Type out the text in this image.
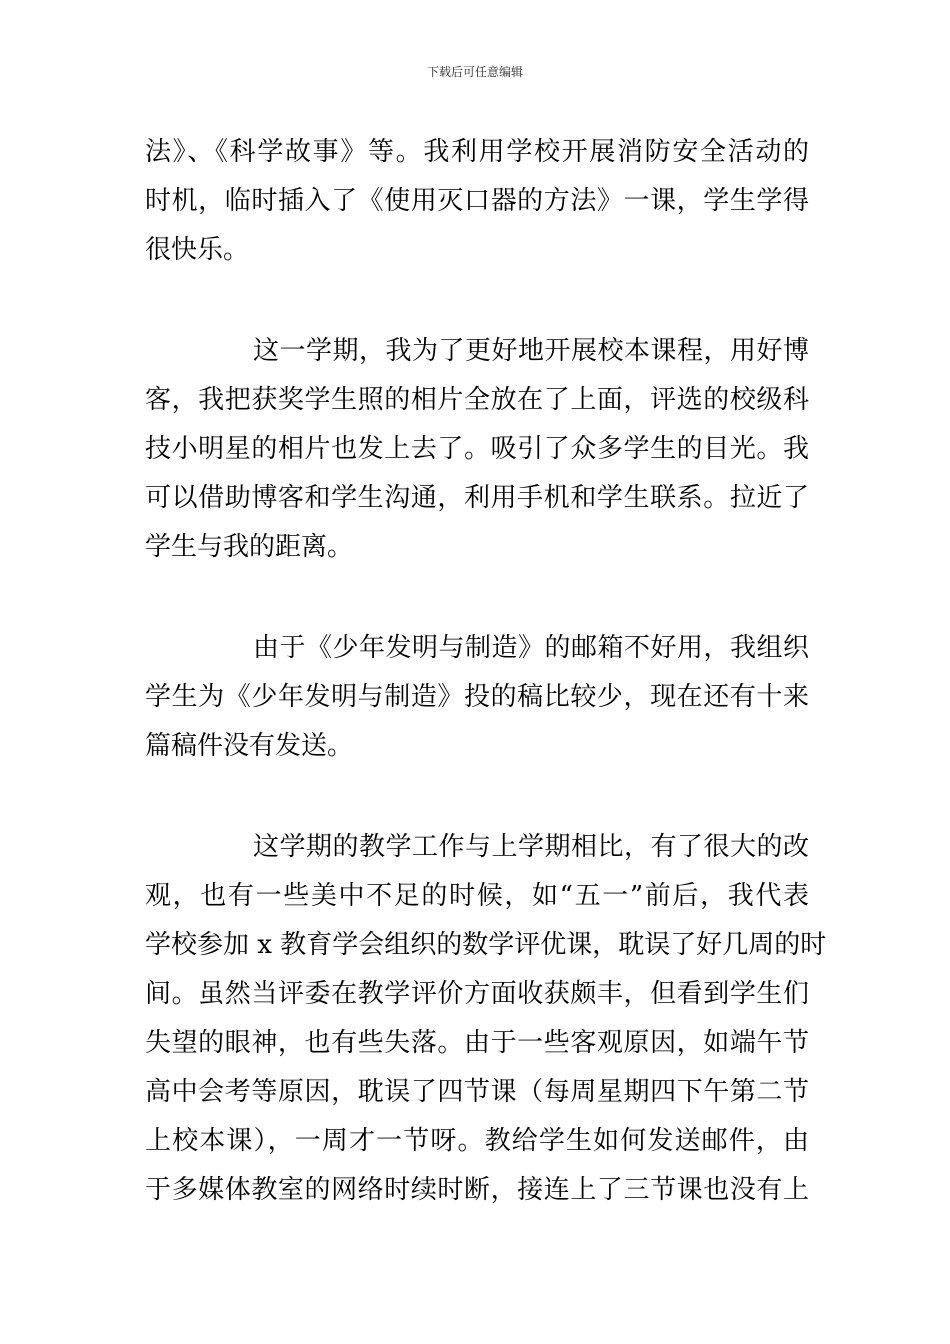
下载后可任意编辑
法》、《科学故事》等。我利用学校开展消防安全活动的
时机，临时插入了《使用灭口器的方法》一课，学生学得
很快乐。
这一学期，我为了更好地开展校本课程，用好博
客，我把获奖学生照的相片全放在了上面，评选的校级科
技小明星的相片也发上去了。吸引了众多学生的目光。我
可以借助博客和学生沟通，利用手机和学生联系。拉近了
学生与我的距离。
由于《少年发明与制造》的邮箱不好用，我组织
学生为《少年发明与制造》投的稿比较少，现在还有十来
篇稿件没有发送。
这学期的教学工作与上学期相比，有了很大的改
观，也有一些美中不足的时候，如“五一”前后，我代表
学校参加 x 教育学会组织的数学评优课，耽误了好几周的时
间。虽然当评委在教学评价方面收获颇丰，但看到学生们
失望的眼神，也有些失落。由于一些客观原因，如端午节
高中会考等原因，耽误了四节课（每周星期四下午第二节
上校本课），一周才一节呀。教给学生如何发送邮件，由
于多媒体教室的网络时续时断，接连上了三节课也没有上
